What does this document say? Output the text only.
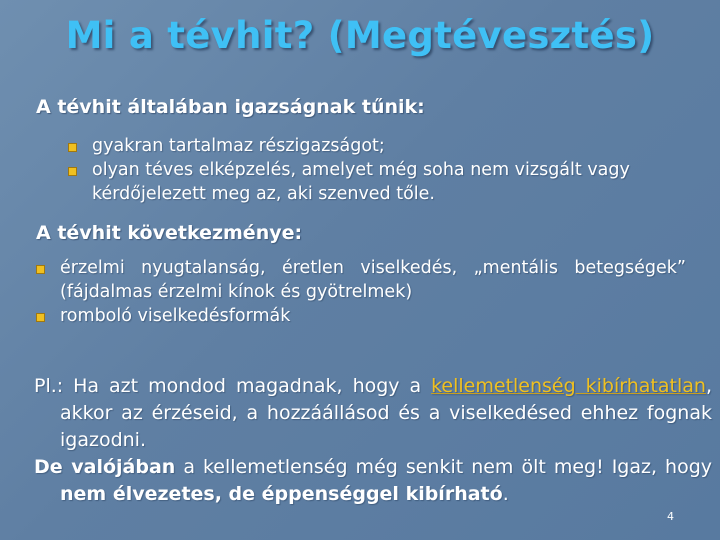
Mi a tévhit? (Megtévesztés)
A tévhit általában igazságnak tűnik:
gyakran tartalmaz részigazságot;
olyan téves elképzelés, amelyet még soha nem vizsgált vagy kérdőjelezett meg az, aki szenved tőle.
A tévhit következménye:
érzelmi nyugtalanság, éretlen viselkedés, „mentális betegségek” (fájdalmas érzelmi kínok és gyötrelmek)
romboló viselkedésformák
Pl.: Ha azt mondod magadnak, hogy a kellemetlenség kibírhatatlan, akkor az érzéseid, a hozzáállásod és a viselkedésed ehhez fognak igazodni.
De valójában a kellemetlenség még senkit nem ölt meg! Igaz, hogy nem élvezetes, de éppenséggel kibírható.
4
